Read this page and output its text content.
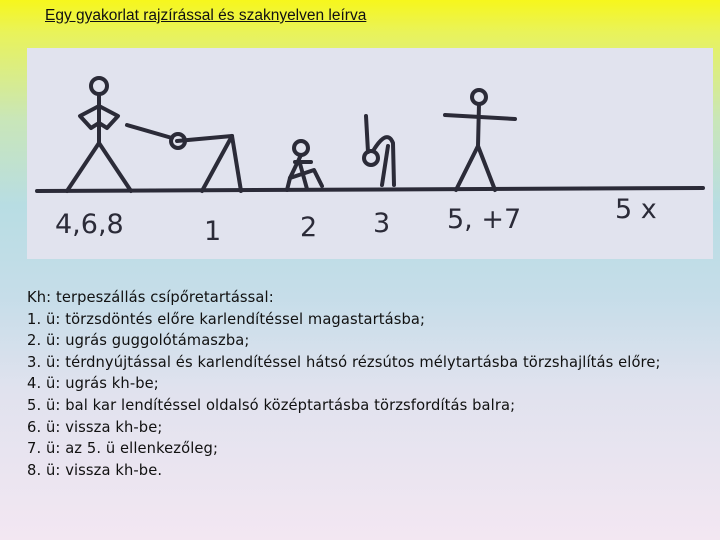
Egy gyakorlat rajzírással és szaknyelven leírva
4,6,8	1	2 3 5, +7	5 x
Kh: terpeszállás csípőretartással:
1. ü: törzsdöntés előre karlendítéssel magastartásba;
2. ü: ugrás guggolótámaszba;
3. ü: térdnyújtással és karlendítéssel hátsó rézsútos mélytartásba törzshajlítás előre;
4. ü: ugrás kh-be;
5. ü: bal kar lendítéssel oldalsó középtartásba törzsfordítás balra;
6. ü: vissza kh-be;
7. ü: az 5. ü ellenkezőleg;
8. ü: vissza kh-be.
